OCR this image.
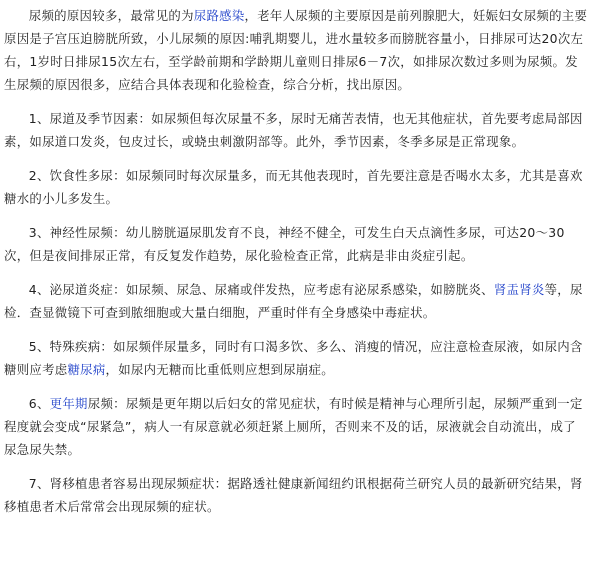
尿频的原因较多，最常见的为尿路感染，老年人尿频的主要原因是前列腺肥大，妊娠妇女尿频的主要原因是子宫压迫膀胱所致，小儿尿频的原因:哺乳期婴儿，进水量较多而膀胱容量小，日排尿可达20次左右，1岁时日排尿15次左右，至学龄前期和学龄期儿童则日排尿6－7次，如排尿次数过多则为尿频。发生尿频的原因很多，应结合具体表现和化验检查，综合分析，找出原因。

1、尿道及季节因素：如尿频但每次尿量不多，尿时无痛苦表情，也无其他症状，首先要考虑局部因素，如尿道口发炎，包皮过长，或蛲虫刺激阴部等。此外，季节因素，冬季多尿是正常现象。

2、饮食性多尿：如尿频同时每次尿量多，而无其他表现时，首先要注意是否喝水太多，尤其是喜欢糖水的小儿多发生。

3、神经性尿频：幼儿膀胱逼尿肌发育不良，神经不健全，可发生白天点滴性多尿，可达20～30次，但是夜间排尿正常，有反复发作趋势，尿化验检查正常，此病是非由炎症引起。

4、泌尿道炎症：如尿频、尿急、尿痛或伴发热，应考虑有泌尿系感染，如膀胱炎、肾盂肾炎等，尿检．查显微镜下可查到脓细胞或大量白细胞，严重时伴有全身感染中毒症状。

5、特殊疾病：如尿频伴尿量多，同时有口渴多饮、多么、消瘦的情况，应注意检查尿液，如尿内含糖则应考虑糖尿病，如尿内无糖而比重低则应想到尿崩症。

6、更年期尿频：尿频是更年期以后妇女的常见症状，有时候是精神与心理所引起，尿频严重到一定程度就会变成“尿紧急”，病人一有尿意就必须赶紧上厕所，否则来不及的话，尿液就会自动流出，成了尿急尿失禁。

7、肾移植患者容易出现尿频症状：据路透社健康新闻纽约讯根据荷兰研究人员的最新研究结果，肾移植患者术后常常会出现尿频的症状。
